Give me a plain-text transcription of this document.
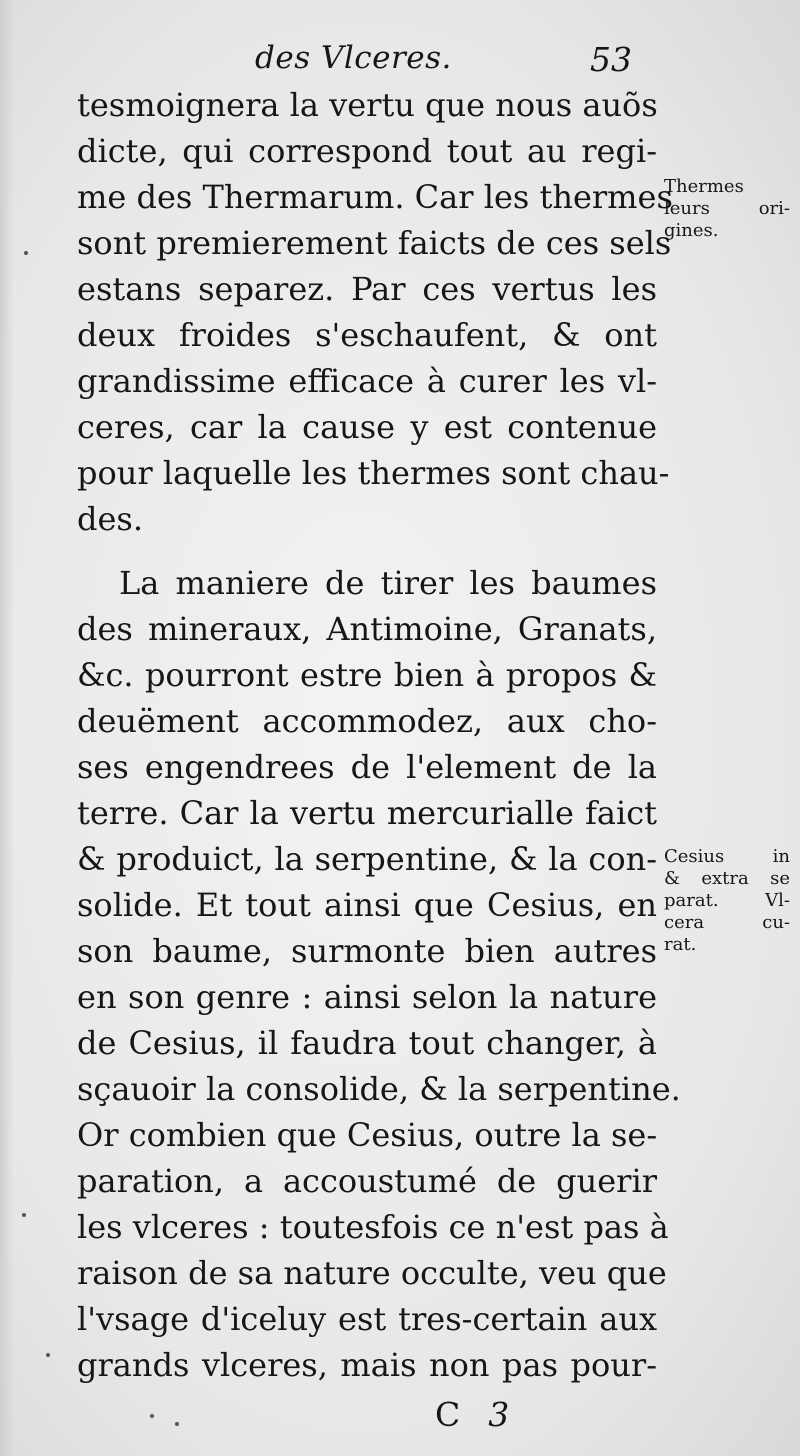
des Vlceres.	53
tesmoignera la vertu que nous auõs
dicte, qui correspond tout au regi-
me des Thermarum. Car les thermes
sont premierement faicts de ces sels
estans separez. Par ces vertus les
deux froides s'eschaufent, & ont
grandissime efficace à curer les vl-
ceres, car la cause y est contenue
pour laquelle les thermes sont chau-
des.
La maniere de tirer les baumes
des mineraux, Antimoine, Granats,
&c. pourront estre bien à propos &
deuëment accommodez, aux cho-
ses engendrees de l'element de la
terre. Car la vertu mercurialle faict
& produict, la serpentine, & la con-
solide. Et tout ainsi que Cesius, en
son baume, surmonte bien autres
en son genre : ainsi selon la nature
de Cesius, il faudra tout changer, à
sçauoir la consolide, & la serpentine.
Or combien que Cesius, outre la se-
paration, a accoustumé de guerir
les vlceres : toutesfois ce n'est pas à
raison de sa nature occulte, veu que
l'vsage d'iceluy est tres-certain aux
grands vlceres, mais non pas pour-
Thermes
leurs ori-
gines.
Cesius in
& extra se
parat. Vl-
cera cu-
rat.
C 3
